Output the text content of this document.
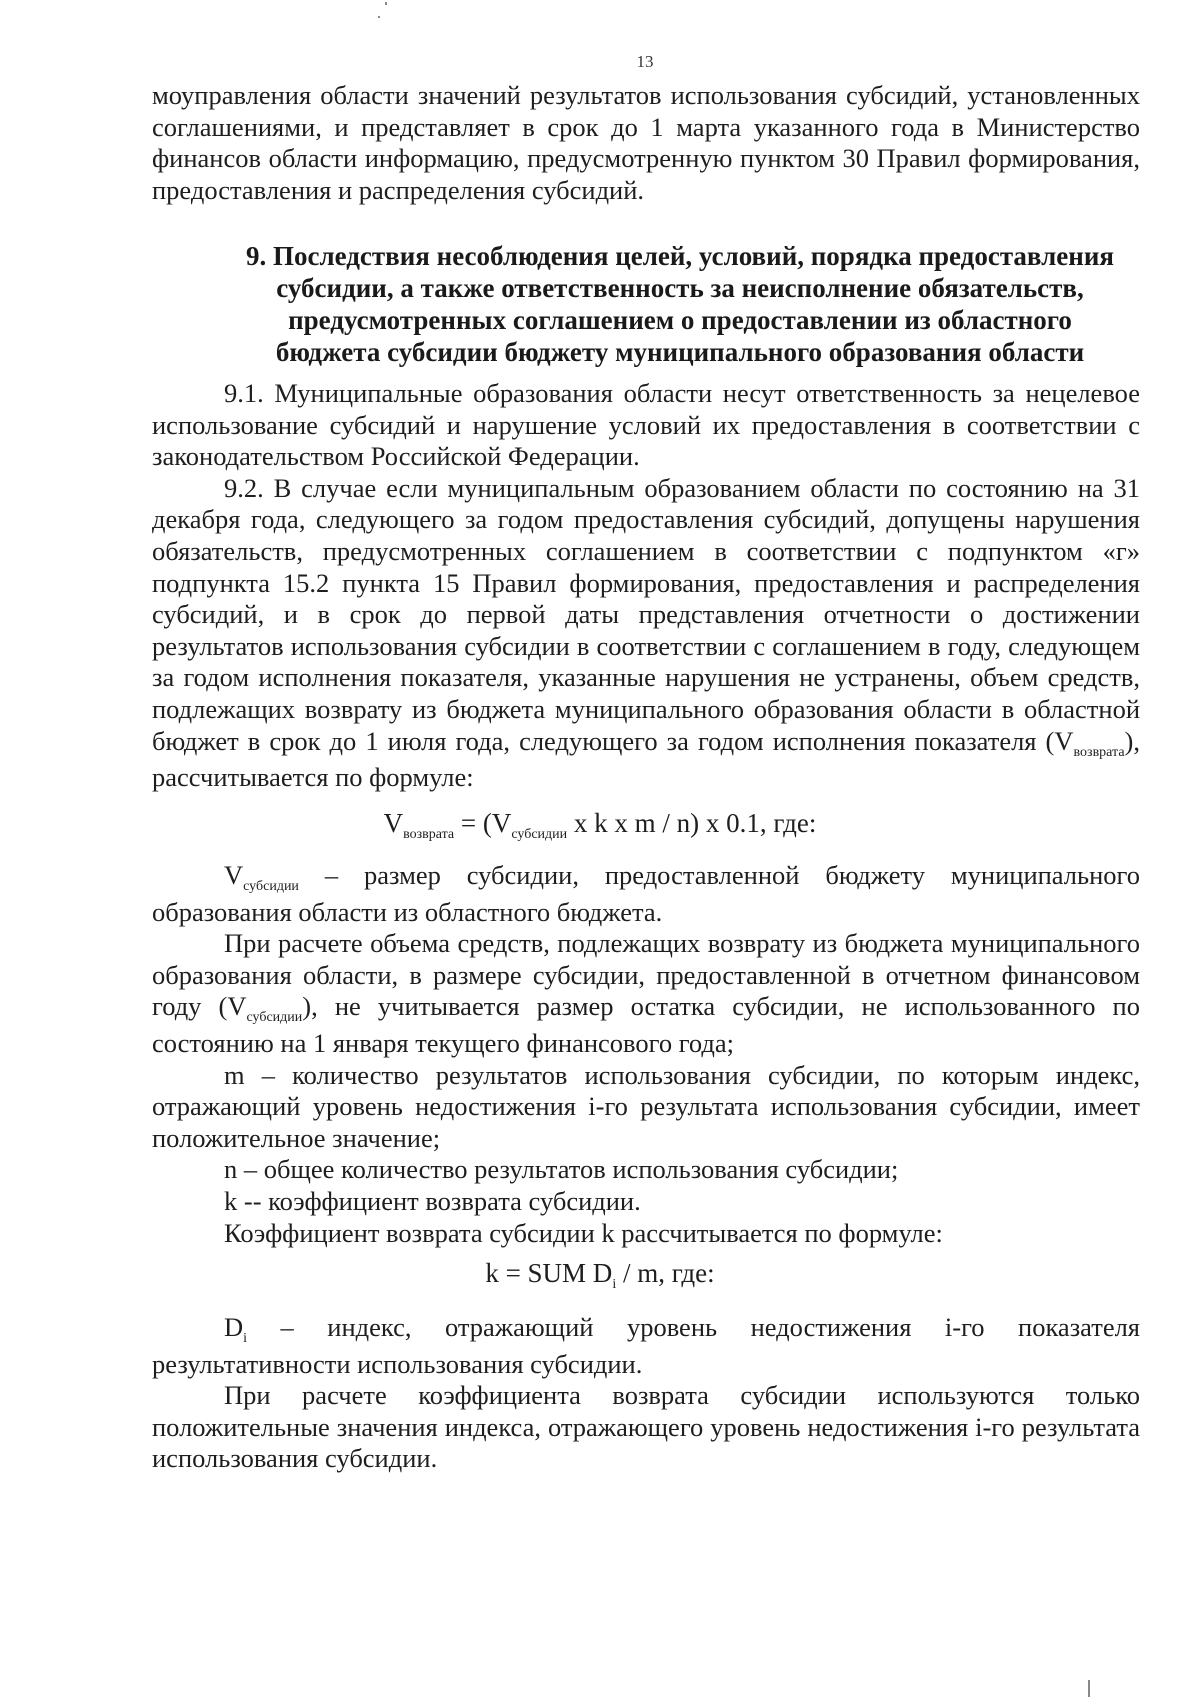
13

моуправления области значений результатов использования субсидий, установленных соглашениями, и представляет в срок до 1 марта указанного года в Министерство финансов области информацию, предусмотренную пунктом 30 Правил формирования, предоставления и распределения субсидий.

9. Последствия несоблюдения целей, условий, порядка предоставления
субсидии, а также ответственность за неисполнение обязательств,
предусмотренных соглашением о предоставлении из областного
бюджета субсидии бюджету муниципального образования области

9.1. Муниципальные образования области несут ответственность за нецелевое использование субсидий и нарушение условий их предоставления в соответствии с законодательством Российской Федерации.

9.2. В случае если муниципальным образованием области по состоянию на 31 декабря года, следующего за годом предоставления субсидий, допущены нарушения обязательств, предусмотренных соглашением в соответствии с подпунктом «г» подпункта 15.2 пункта 15 Правил формирования, предоставления и распределения субсидий, и в срок до первой даты представления отчетности о достижении результатов использования субсидии в соответствии с соглашением в году, следующем за годом исполнения показателя, указанные нарушения не устранены, объем средств, подлежащих возврату из бюджета муниципального образования области в областной бюджет в срок до 1 июля года, следующего за годом исполнения показателя $(V_{возврата})$, рассчитывается по формуле:

$V_{возврата} = (V_{субсидии}$ x k x m / n) x 0.1, где:

$V_{субсидии}$ – размер субсидии, предоставленной бюджету муниципального образования области из областного бюджета.

При расчете объема средств, подлежащих возврату из бюджета муниципального образования области, в размере субсидии, предоставленной в отчетном финансовом году $(V_{субсидии})$, не учитывается размер остатка субсидии, не использованного по состоянию на 1 января текущего финансового года;

m – количество результатов использования субсидии, по которым индекс, отражающий уровень недостижения i-го результата использования субсидии, имеет положительное значение;

n – общее количество результатов использования субсидии;

k -- коэффициент возврата субсидии.

Коэффициент возврата субсидии k рассчитывается по формуле:

k = SUM $D_i$ / m, где:

$D_i$ – индекс, отражающий уровень недостижения i-го показателя результативности использования субсидии.

При расчете коэффициента возврата субсидии используются только положительные значения индекса, отражающего уровень недостижения i-го результата использования субсидии.
